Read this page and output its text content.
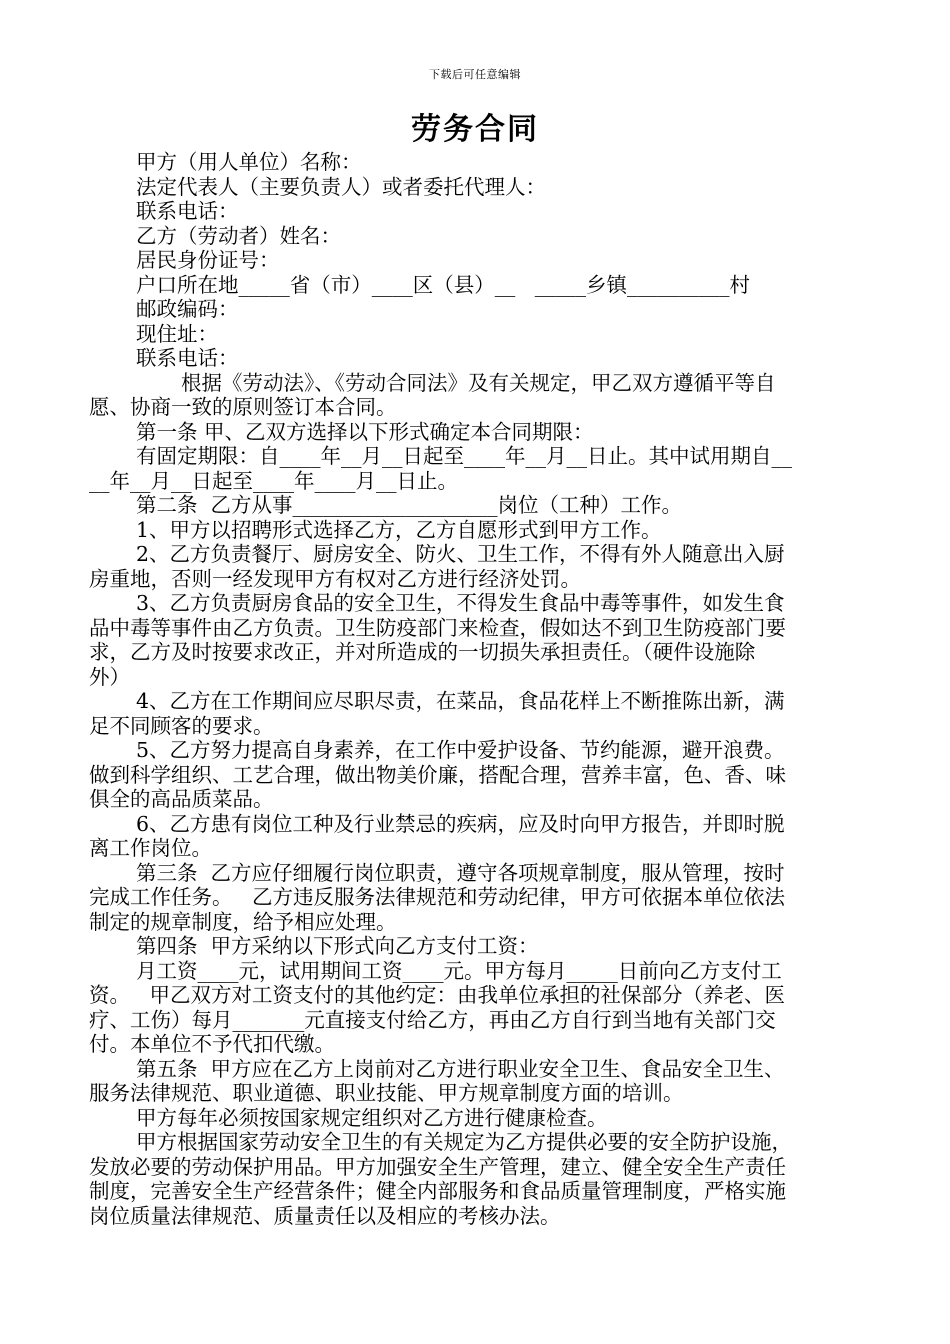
下载后可任意编辑
劳务合同

甲方（用人单位）名称：

法定代表人（主要负责人）或者委托代理人：

联系电话：

乙方（劳动者）姓名：

居民身份证号：

户口所在地_____省（市）____区（县）__   _____乡镇__________村

邮政编码：

现住址：

联系电话：

根据《劳动法》、《劳动合同法》及有关规定，甲乙双方遵循平等自

愿、协商一致的原则签订本合同。

第一条 甲、乙双方选择以下形式确定本合同期限：

有固定期限：自____年__月__日起至____年__月__日止。其中试用期自__

__年__月__日起至____年____月__日止。

第二条  乙方从事____________________岗位（工种）工作。

1、甲方以招聘形式选择乙方，乙方自愿形式到甲方工作。

2、乙方负责餐厅、厨房安全、防火、卫生工作，不得有外人随意出入厨

房重地，否则一经发现甲方有权对乙方进行经济处罚。

3、乙方负责厨房食品的安全卫生，不得发生食品中毒等事件，如发生食

品中毒等事件由乙方负责。卫生防疫部门来检查，假如达不到卫生防疫部门要

求，乙方及时按要求改正，并对所造成的一切损失承担责任。（硬件设施除

外）

4、乙方在工作期间应尽职尽责，在菜品，食品花样上不断推陈出新，满

足不同顾客的要求。

5、乙方努力提高自身素养，在工作中爱护设备、节约能源，避开浪费。

做到科学组织、工艺合理，做出物美价廉，搭配合理，营养丰富，色、香、味

俱全的高品质菜品。

6、乙方患有岗位工种及行业禁忌的疾病，应及时向甲方报告，并即时脱

离工作岗位。

第三条  乙方应仔细履行岗位职责，遵守各项规章制度，服从管理，按时

完成工作任务。   乙方违反服务法律规范和劳动纪律，甲方可依据本单位依法

制定的规章制度，给予相应处理。

第四条  甲方采纳以下形式向乙方支付工资：

月工资____元，试用期间工资____元。甲方每月_____日前向乙方支付工

资。   甲乙双方对工资支付的其他约定：由我单位承担的社保部分（养老、医

疗、工伤）每月_______元直接支付给乙方，再由乙方自行到当地有关部门交

付。本单位不予代扣代缴。

第五条  甲方应在乙方上岗前对乙方进行职业安全卫生、食品安全卫生、

服务法律规范、职业道德、职业技能、甲方规章制度方面的培训。

甲方每年必须按国家规定组织对乙方进行健康检查。

甲方根据国家劳动安全卫生的有关规定为乙方提供必要的安全防护设施，

发放必要的劳动保护用品。甲方加强安全生产管理，建立、健全安全生产责任

制度，完善安全生产经营条件；健全内部服务和食品质量管理制度，严格实施

岗位质量法律规范、质量责任以及相应的考核办法。
